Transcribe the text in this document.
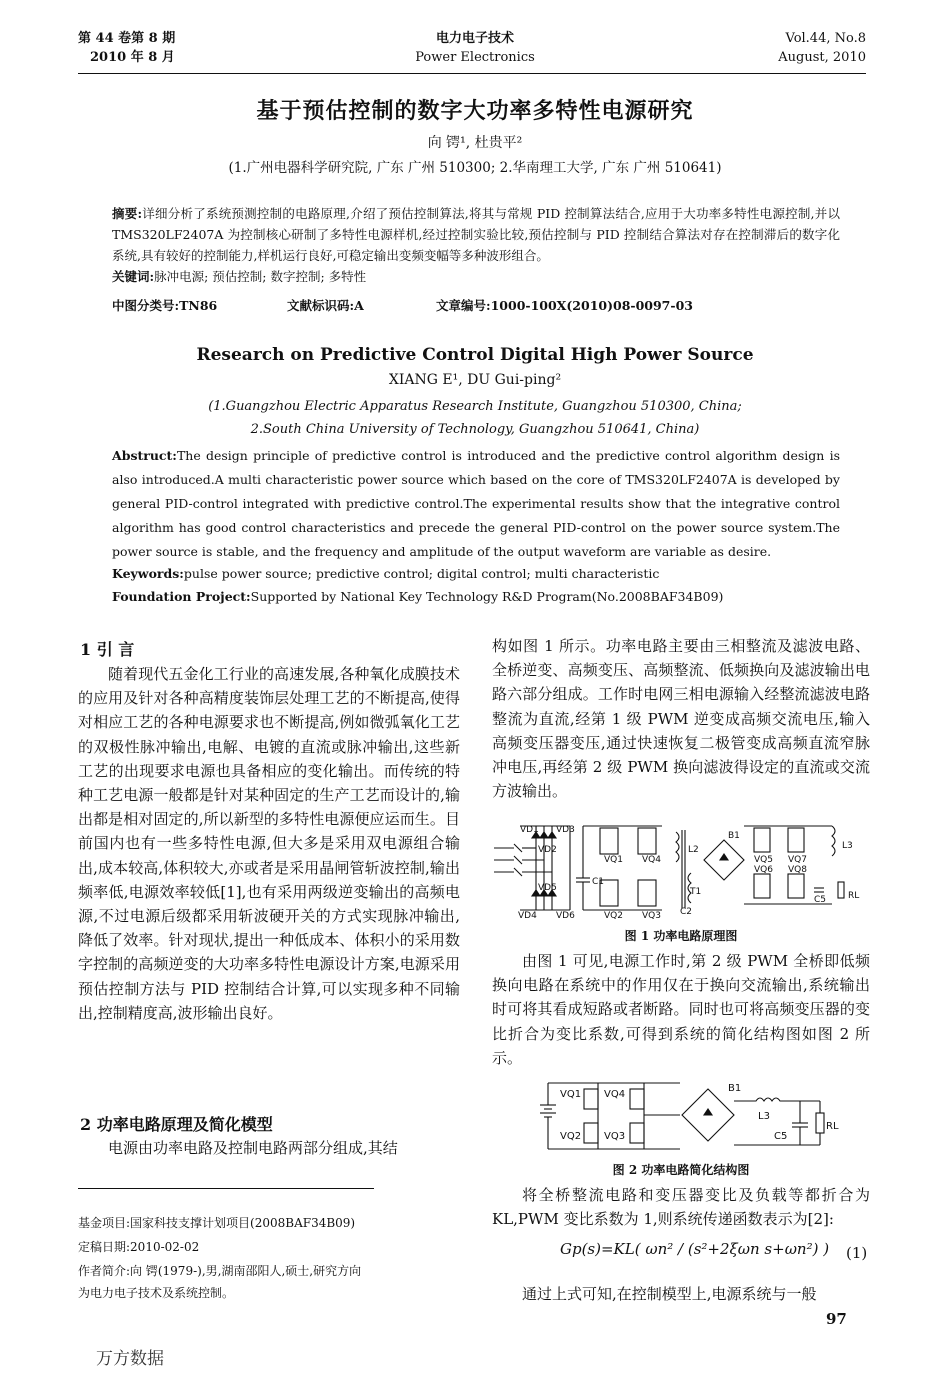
第 44 卷第 8 期
2010 年 8 月
电力电子技术
Power Electronics
Vol.44, No.8
August, 2010
基于预估控制的数字大功率多特性电源研究
向 锷¹, 杜贵平²
(1.广州电器科学研究院, 广东 广州 510300; 2.华南理工大学, 广东 广州 510641)
摘要:详细分析了系统预测控制的电路原理,介绍了预估控制算法,将其与常规 PID 控制算法结合,应用于大功率多特性电源控制,并以 TMS320LF2407A 为控制核心研制了多特性电源样机,经过控制实验比较,预估控制与 PID 控制结合算法对存在控制滞后的数字化系统,具有较好的控制能力,样机运行良好,可稳定输出变频变幅等多种波形组合。
关键词:脉冲电源; 预估控制; 数字控制; 多特性
中图分类号:TN86	文献标识码:A	文章编号:1000-100X(2010)08-0097-03
Research on Predictive Control Digital High Power Source
XIANG E¹, DU Gui-ping²
(1.Guangzhou Electric Apparatus Research Institute, Guangzhou 510300, China;
2.South China University of Technology, Guangzhou 510641, China)
Abstruct:The design principle of predictive control is introduced and the predictive control algorithm design is also introduced.A multi characteristic power source which based on the core of TMS320LF2407A is developed by general PID-control integrated with predictive control.The experimental results show that the integrative control algorithm has good control characteristics and precede the general PID-control on the power source system.The power source is stable, and the frequency and amplitude of the output waveform are variable as desire.
Keywords:pulse power source; predictive control; digital control; multi characteristic
Foundation Project:Supported by National Key Technology R&D Program(No.2008BAF34B09)
1 引 言
随着现代五金化工行业的高速发展,各种氧化成膜技术的应用及针对各种高精度装饰层处理工艺的不断提高,使得对相应工艺的各种电源要求也不断提高,例如微弧氧化工艺的双极性脉冲输出,电解、电镀的直流或脉冲输出,这些新工艺的出现要求电源也具备相应的变化输出。而传统的特种工艺电源一般都是针对某种固定的生产工艺而设计的,输出都是相对固定的,所以新型的多特性电源便应运而生。目前国内也有一些多特性电源,但大多是采用双电源组合输出,成本较高,体积较大,亦或者是采用晶闸管斩波控制,输出频率低,电源效率较低[1],也有采用两级逆变输出的高频电源,不过电源后级都采用斩波硬开关的方式实现脉冲输出,降低了效率。针对现状,提出一种低成本、体积小的采用数字控制的高频逆变的大功率多特性电源设计方案,电源采用预估控制方法与 PID 控制结合计算,可以实现多种不同输出,控制精度高,波形输出良好。
2 功率电路原理及简化模型
电源由功率电路及控制电路两部分组成,其结
基金项目:国家科技支撑计划项目(2008BAF34B09)
定稿日期:2010-02-02
作者简介:向 锷(1979-),男,湖南邵阳人,硕士,研究方向
为电力电子技术及系统控制。
构如图 1 所示。功率电路主要由三相整流及滤波电路、全桥逆变、高频变压、高频整流、低频换向及滤波输出电路六部分组成。工作时电网三相电源输入经整流滤波电路整流为直流,经第 1 级 PWM 逆变成高频交流电压,输入高频变压器变压,通过快速恢复二极管变成高频直流窄脉冲电压,再经第 2 级 PWM 换向滤波得设定的直流或交流方波输出。
VD1
VD2
VD3
VD4
VD5
VD6
C1
VQ1
VQ2 VQ3
VQ4
L2
T1
C2
B1
VQ5
VQ6
VQ7
VQ8
L3
C5 RL
图 1 功率电路原理图
由图 1 可见,电源工作时,第 2 级 PWM 全桥即低频换向电路在系统中的作用仅在于换向交流输出,系统输出时可将其看成短路或者断路。同时也可将高频变压器的变比折合为变比系数,可得到系统的简化结构图如图 2 所示。
VQ1 VQ4
VQ2 VQ3
B1
L3
C5
RL
图 2 功率电路简化结构图
将全桥整流电路和变压器变比及负载等都折合为 KL,PWM 变比系数为 1,则系统传递函数表示为[2]:
Gp(s)=KL( ωn² / (s²+2ξωn s+ωn²) ) (1)
通过上式可知,在控制模型上,电源系统与一般
97
万方数据
